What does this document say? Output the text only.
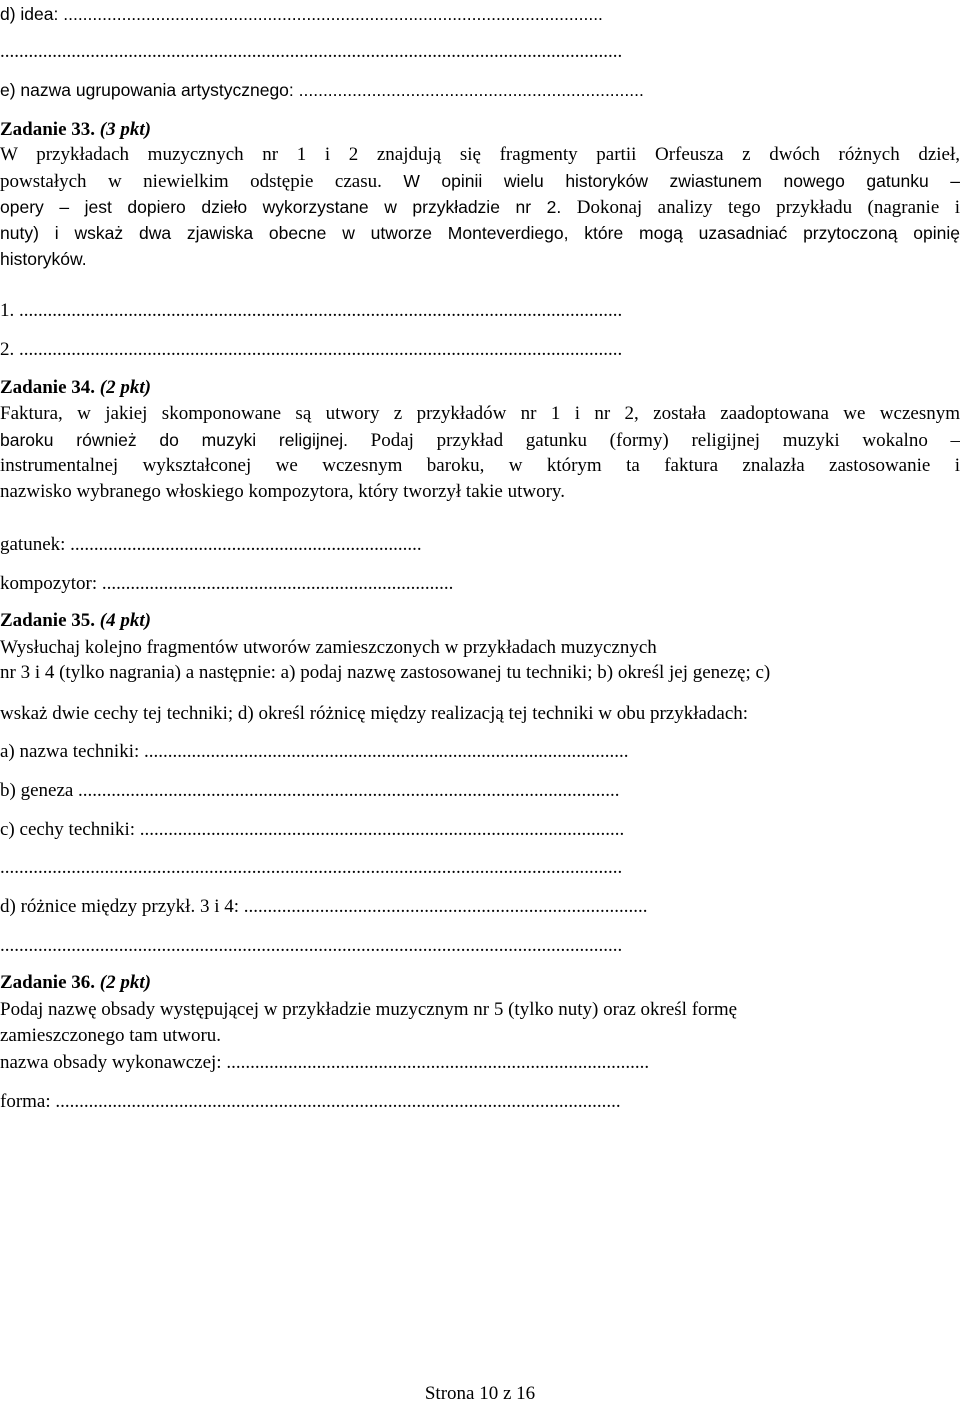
d) idea: ...............................................................................................................
...................................................................................................................................
e) nazwa ugrupowania artystycznego: .......................................................................
Zadanie 33. (3 pkt)
W przykładach muzycznych nr 1 i 2 znajdują się fragmenty partii Orfeusza z dwóch różnych dzieł,
powstałych w niewielkim odstępie czasu. W opinii wielu historyków zwiastunem nowego gatunku –
opery – jest dopiero dzieło wykorzystane w przykładzie nr 2. Dokonaj analizy tego przykładu (nagranie i
nuty) i wskaż dwa zjawiska obecne w utworze Monteverdiego, które mogą uzasadniać przytoczoną opinię
historyków.
1. ...............................................................................................................................
2. ...............................................................................................................................
Zadanie 34. (2 pkt)
Faktura, w jakiej skomponowane są utwory z przykładów nr 1 i nr 2, została zaadoptowana we wczesnym
baroku również do muzyki religijnej. Podaj przykład gatunku (formy) religijnej muzyki wokalno –
instrumentalnej wykształconej we wczesnym baroku, w którym ta faktura znalazła zastosowanie i
nazwisko wybranego włoskiego kompozytora, który tworzył takie utwory.
gatunek: ..........................................................................
kompozytor: ..........................................................................
Zadanie 35. (4 pkt)
Wysłuchaj kolejno fragmentów utworów zamieszczonych w przykładach muzycznych
nr 3 i 4 (tylko nagrania) a następnie: a) podaj nazwę zastosowanej tu techniki; b) określ jej genezę; c)
wskaż dwie cechy tej techniki; d) określ różnicę między realizacją tej techniki w obu przykładach:
a) nazwa techniki: ......................................................................................................
b) geneza ..................................................................................................................
c) cechy techniki: ......................................................................................................
...................................................................................................................................
d) różnice między przykł. 3 i 4: .....................................................................................
...................................................................................................................................
Zadanie 36. (2 pkt)
Podaj nazwę obsady występującej w przykładzie muzycznym nr 5 (tylko nuty) oraz określ formę
zamieszczonego tam utworu.
nazwa obsady wykonawczej: .........................................................................................
forma: .......................................................................................................................
Strona 10 z 16
